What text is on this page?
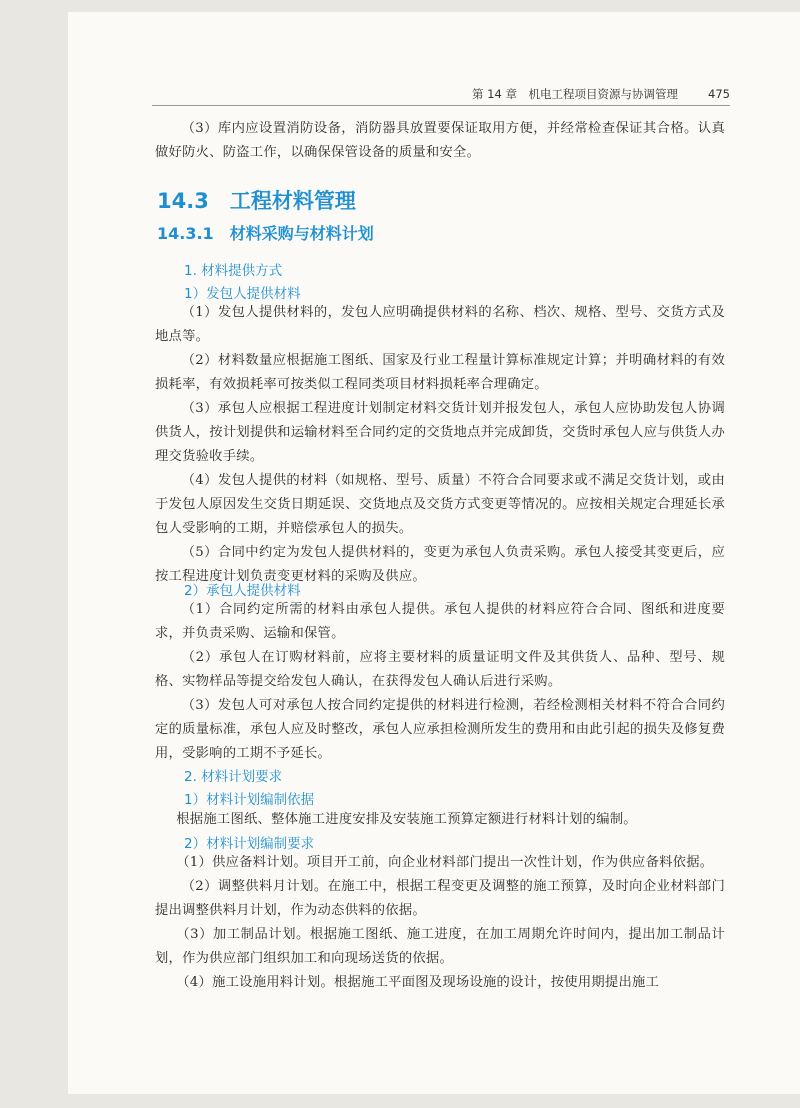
第 14 章　机电工程项目资源与协调管理	475

（3）库内应设置消防设备，消防器具放置要保证取用方便，并经常检查保证其合格。认真做好防火、防盗工作，以确保保管设备的质量和安全。

14.3　工程材料管理
14.3.1　材料采购与材料计划
1. 材料提供方式
1）发包人提供材料

（1）发包人提供材料的，发包人应明确提供材料的名称、档次、规格、型号、交货方式及地点等。

（2）材料数量应根据施工图纸、国家及行业工程量计算标准规定计算；并明确材料的有效损耗率，有效损耗率可按类似工程同类项目材料损耗率合理确定。

（3）承包人应根据工程进度计划制定材料交货计划并报发包人，承包人应协助发包人协调供货人，按计划提供和运输材料至合同约定的交货地点并完成卸货，交货时承包人应与供货人办理交货验收手续。

（4）发包人提供的材料（如规格、型号、质量）不符合合同要求或不满足交货计划，或由于发包人原因发生交货日期延误、交货地点及交货方式变更等情况的。应按相关规定合理延长承包人受影响的工期，并赔偿承包人的损失。

（5）合同中约定为发包人提供材料的，变更为承包人负责采购。承包人接受其变更后，应按工程进度计划负责变更材料的采购及供应。

2）承包人提供材料

（1）合同约定所需的材料由承包人提供。承包人提供的材料应符合合同、图纸和进度要求，并负责采购、运输和保管。

（2）承包人在订购材料前，应将主要材料的质量证明文件及其供货人、品种、型号、规格、实物样品等提交给发包人确认，在获得发包人确认后进行采购。

（3）发包人可对承包人按合同约定提供的材料进行检测，若经检测相关材料不符合合同约定的质量标准，承包人应及时整改，承包人应承担检测所发生的费用和由此引起的损失及修复费用，受影响的工期不予延长。

2. 材料计划要求
1）材料计划编制依据

根据施工图纸、整体施工进度安排及安装施工预算定额进行材料计划的编制。

2）材料计划编制要求

（1）供应备料计划。项目开工前，向企业材料部门提出一次性计划，作为供应备料依据。

（2）调整供料月计划。在施工中，根据工程变更及调整的施工预算，及时向企业材料部门提出调整供料月计划，作为动态供料的依据。

（3）加工制品计划。根据施工图纸、施工进度，在加工周期允许时间内，提出加工制品计划，作为供应部门组织加工和向现场送货的依据。

（4）施工设施用料计划。根据施工平面图及现场设施的设计，按使用期提出施工
